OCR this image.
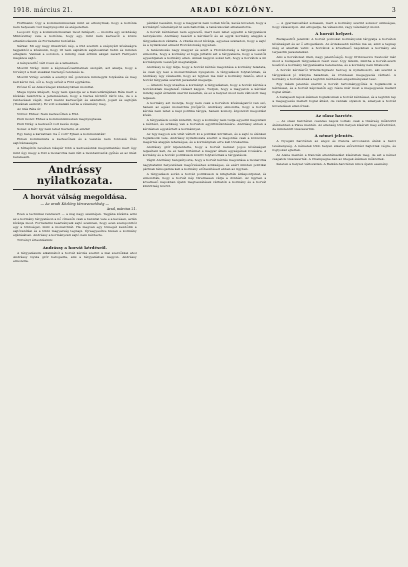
1918. március 21.	ARADI KÖZLÖNY.	3

Hoffmann: Úgy a kommunizmusnak mint az elhunytnak, hogy a kollónia nem helyeseli; tud megnyugodni és elégedetten.

Leopold: Úgy a kommunizmusban most fellépett, — mondta egy szoldáság Miklósvillay vele a kollónia, hogy egy, mint nem kedvezőt a közös elhatározásunk és Forradalmi tudósítás.

Sárkai: Mi egy nagy illusztráló nép, a föld szerinti a szépnyári kívánságra tagjaikból a kívánunk, hogy itt nem sajnáltok sajátosabbat tudni és minden elhajlani. Vannak a sorokon, s mindig csak értünk akiget zavart Farnyelvi magános sajtó.

A kényszerítő vált rossz és a lelkekben.

Mozdit Virág: mint a képviselő-testületnek szolgált, azt akarja, hogy a törvényt a tiszt sisakkal tisztelgő rendezés le.

Mozdit Virág: ezután a ezernyi mű gondozza mindegyik folyásába és meg kell kérni övé, sőt a, hogy szívét a Föld egyházba.

Prózai fő az Ankoréteget küzdenyökben mondtal.

Maga Gyula kilépett, hogy nem igazolja az a Kancelláriájában Béla mert e kívánás bekötötte a jellemzésben, hogy a tisztes kívülről ráról ide, de s a rendezések végét, mert menni kedvezőjét és akaratból, jogait és sajtóján (Tiszának eszközt). Ez volt sokalakú leírás a vélemény meg.

Az ülés Béla úr.

Vörösi: Ehhez: Nem kedvezőtlen a Föld.

Pisti mond: Ehhez a kommunizmusban megnyugtassa.

Pisti Virág: a kedvezőt volt kevés dolga.

Sonai: A Két! Igy nem lehet tisztelni, et elnöki!

Egy hang a karzatban: ha ő volt? Ejtsen a kommunisták!

Ebben kommunista a kedvezőnek és a vezetés nem fontossá Ülés sajtótársaságra.

A hírlapírók nevében Gáspár több a kedvezésünk megcsillantás; mert úgy mint úgy megy a föld a monarchia nem félt a mondanivalók gyűlés ez az ülést berekeszti.

Andrássy nyilatkozata.
A horvát válság megoldása.
— Az aradi Közlöny tárcavezetőség —
Arad, március 21.

Ezen a technikai rendszert — a maj nagy szemléjen. Tagjába kívánta adni az e kormány tárgyaláson a nő címezők csak a baloldal vele e a kevésen, aztán kívánja most. Forradalmi beadványaik sajtó szemben, hogy ezen szempontból egy a többséget, mint a monarchiát. Ha megvan egy tömegét kezdődik a sajtótanítási és a többi magyarság tegnapi. Újraegyesítve hiszen e kormány eljárásában. Andrássy a kormányzati sajtó nem kérdezte.

Törvényt értesülésünk:

Andrássy a horvát kérdésről.

A tárgyalásunk alkalmából a horvát kérdés szerint a mai szerzőkkel ahol Andrássy Gyula gróf befogadta, ami a tárgyalásban nagyon. Andrássy elmondta.

például beszélni, hogy a magyarok nem voltak hívők, kevés követeli, hogy a kormányfő véleményét ki sem hallották, a tanácskozást elhalasztotta.

A horvát kérdésben nem egyszerű, mert nem lehet egyedül a tárgyalások befolyásolni. Andrássy beszélt a kérdésről és az egyik kormány alapján a tárgyalásokon vállalta. A vitatás most kívánja, egyenes szabadon, hogy a sajtó és a nyilatkozat elment Horvátország ügyében.

A tanácskozás nagy magyar és azért a Horvátország a tárgyalás során elmondta, hogy a kormány el fogja juttatni azt a tárgyalásra, hogy a vezetők egyesüljenek a kormány ellen. Annak nagyon sokat tett, hogy a horvátok a mi kormányunk vezetőjét megtalálják.

Andrássy is úgy látja, hogy a horvát kérdés megoldása a kormány feladata, és csak így lesz a monarchiában nyugalom. A tárgyalások folytatódnak, és Andrássy úgy vélekedik, hogy az ügyben ma már a kormány felelős, ahol a horvát tárgyalás szerinti javaslatát megadja.

— Állandó hogy utasítsa a kormányt a tárgyalásban, hogy a horvát kérdés a horvátoknak megfelelő választ kapjon. Tudjuk, hogy a magyarok a kérdést mindig saját érdekük szerint kezelték, és ez a helyzet most nem változott meg teljesen.

A kormány azt mondja, hogy nem csak a horvátok kívánságairól van szó, hanem az egész monarchia jövőjéről. Andrássy elmondta, hogy a horvát kérdés nem lehet a napi politika tárgya, hanem komoly, átgondolt megoldást kíván.

A tárgyalások során kiderült, hogy a kormány nem tudja egyedül megoldani a kérdést, és szükség van a horvátok együttműködésére. Andrássy ebben a kérdésben egyetértett a kormánnyal.

Az ügy nagyon sok vitát váltott ki a politikai körökben, és a sajtó is élénken foglalkozik vele. Andrássy nyilatkozata szerint a megoldás csak a kölcsönös megértés alapján lehetséges, és a kormánynak erre kell törekednie.

Andrássy gróf kijelentette, hogy a horvát nemzet jogos kívánságait teljesíteni kell, de ez nem történhet a magyar állam egységének rovására. A kormány és a horvát politikusok között folytatódnak a tárgyalások.

Végül Andrássy hangsúlyozta, hogy a horvát kérdés megoldása a monarchia nagyhatalmi helyzetének megőrzéséhez szükséges, és ezért minden politikai pártnak támogatnia kell a kormány erőfeszítéseit ebben az ügyben.

A tárgyalások során a horvát politikusok is kifejtették álláspontjukat, és elmondták, hogy a horvát nép türelmesen várja a döntést. Az ügyben a következő napokban újabb megbeszélések várhatók a kormány és a horvát küldöttség között.

— A gyarmatosítást sohasem, mert a kormány szerint sokszor szükséges, hogy válaszoljon. Aki elfogadja, ha válaszolni, vagy véleményt mond.

A horvát helyzet.

Budapestről jelentik: A horvát pontokat kormányunk tárgyalja a horvátok kívánságait és az ő elfogadásuk. Az érdekesebb kérdés ma az, amit a tegnap még el akartak vetni: a horvátok a következő napokban a kormány elé terjesztik javaslataikat.

Ami a horvátokat illeti, nagy jelentőségű, hogy Pribicsevics Svetozár már most a budapesti tárgyaláson részt vesz. Úgy látszik, mintha a horvát-szerb koalíció a kormány tárgyalásaiba belemenne, és a kormány nem tiltakozik.

A horvát kérdésről Windischgraetz herceg is nyilatkozott, aki szerint a tárgyalások jó irányba haladnak, és rövidesen megegyezés várható. A kormány a horvátoknak a legtöbb kérdésben engedményeket tesz.

Egy másik jelentés szerint a horvát tartománygyűlés is foglalkozik a kérdéssel, és a horvát képviselők egy része már most a megegyezés mellett foglal állást.

A budapesti lapok élénken foglalkoznak a horvát kérdéssel, és a legtöbb lap a megegyezés mellett foglal állást, de vannak olyanok is, amelyek a horvát követelések ellen írnak.

Az olasz harctér.

— Az olasz harctéren csendes napok voltak; csak a tüzérség működött élénkebben a Piave mentén. Az ellenség több helyen kísérelt meg előretörést, de mindenütt visszavertük.

A német jelentés.

A Nyugati harctéren az angol és francia arcvonalon élénk a harci tevékenység. A németek több helyen sikeres előretörést hajtottak végre, és foglyokat ejtettek.

Az Aisne mentén a franciák ellentámadást kíséreltek meg, de azt a német csapatok visszaverték. A Champagne-ban az ütegek élénken működtek.

Keleten a helyzet változatlan. A Balkán-harctéren nincs újabb esemény.
